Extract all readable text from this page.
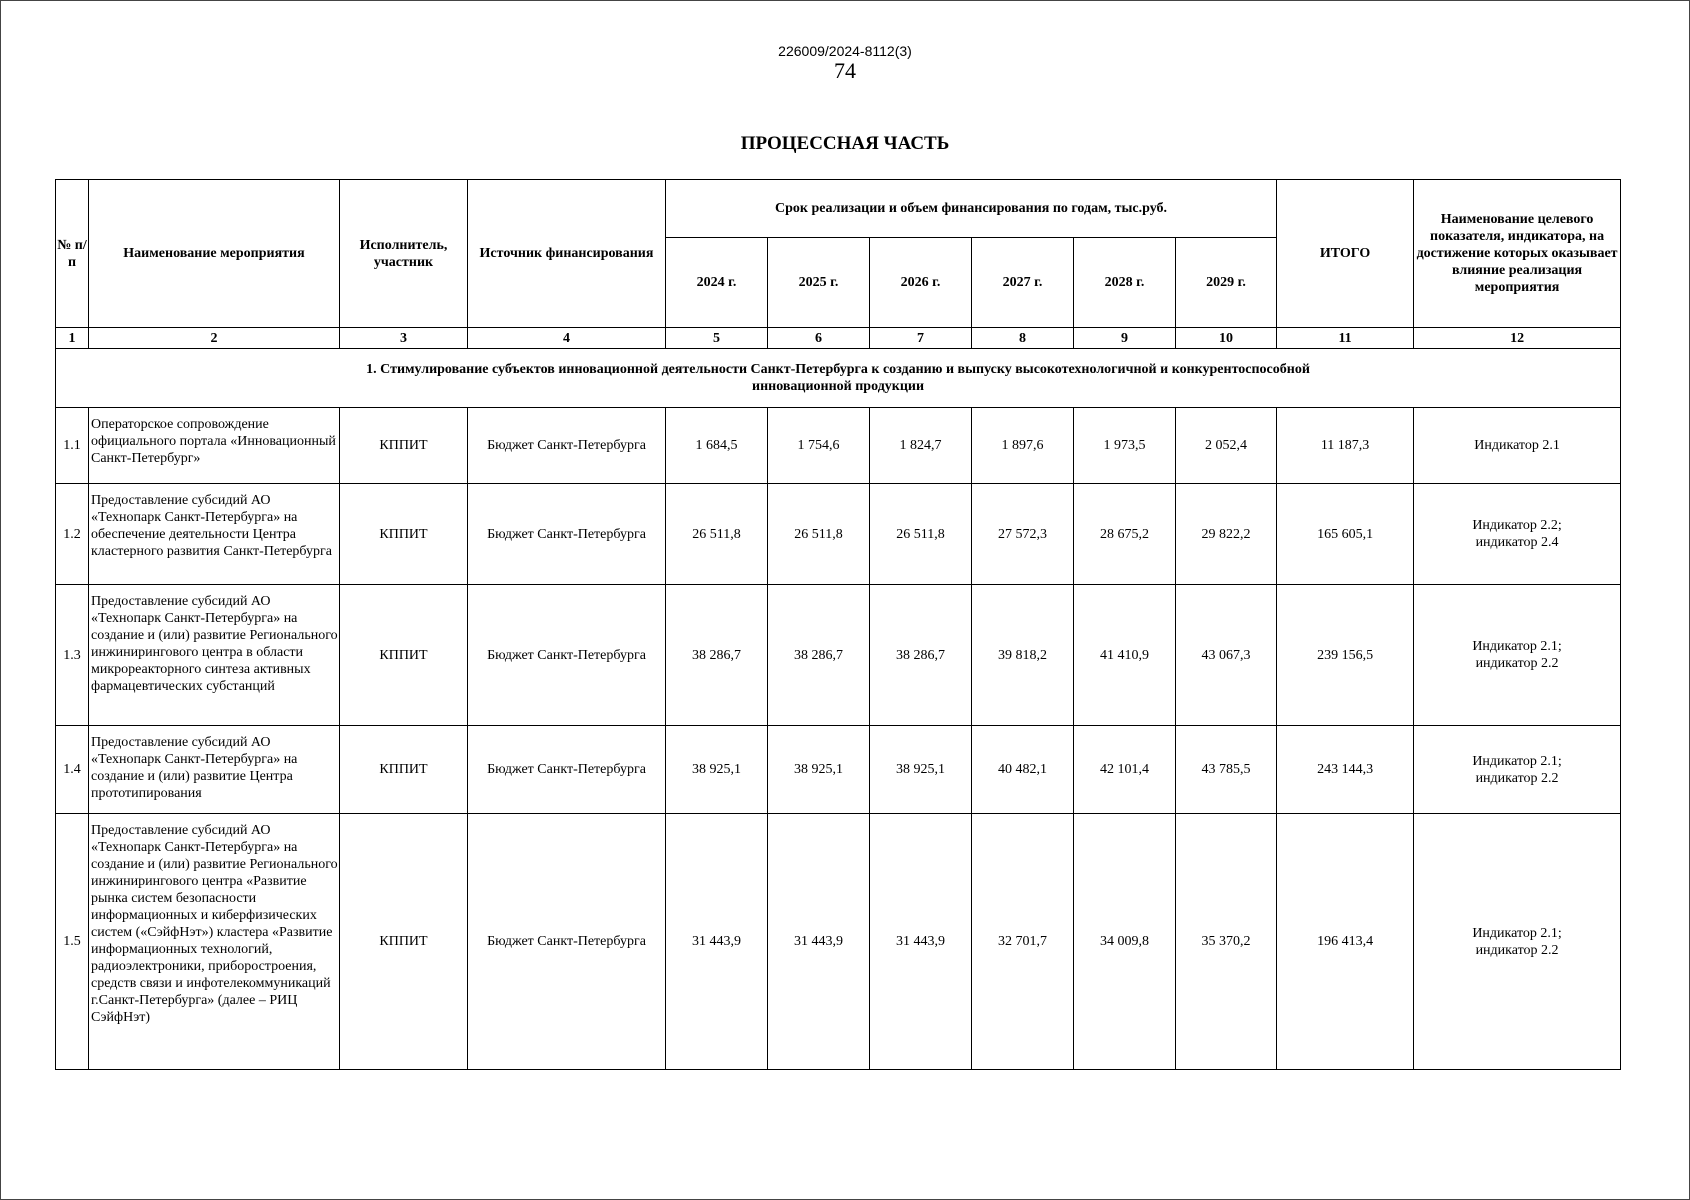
226009/2024-8112(3)
74
ПРОЦЕССНАЯ ЧАСТЬ
№ п/п	Наименование мероприятия	Исполнитель, участник	Источник финансирования	Срок реализации и объем финансирования по годам, тыс.руб.						ИТОГО	Наименование целевого показателя, индикатора, на достижение которых оказывает влияние реализация мероприятия
				2024 г.	2025 г.	2026 г.	2027 г.	2028 г.	2029 г.		
1	2	3	4	5	6	7	8	9	10	11	12
1. Стимулирование субъектов инновационной деятельности Санкт-Петербурга к созданию и выпуску высокотехнологичной и конкурентоспособной инновационной продукции											
1.1	Операторское сопровождение официального портала «Инновационный Санкт-Петербург»	КППИТ	Бюджет Санкт-Петербурга	1 684,5	1 754,6	1 824,7	1 897,6	1 973,5	2 052,4	11 187,3	Индикатор 2.1
1.2	Предоставление субсидий АО «Технопарк Санкт-Петербурга» на обеспечение деятельности Центра кластерного развития Санкт-Петербурга	КППИТ	Бюджет Санкт-Петербурга	26 511,8	26 511,8	26 511,8	27 572,3	28 675,2	29 822,2	165 605,1	Индикатор 2.2; индикатор 2.4
1.3	Предоставление субсидий АО «Технопарк Санкт-Петербурга» на создание и (или) развитие Регионального инжинирингового центра в области микрореакторного синтеза активных фармацевтических субстанций	КППИТ	Бюджет Санкт-Петербурга	38 286,7	38 286,7	38 286,7	39 818,2	41 410,9	43 067,3	239 156,5	Индикатор 2.1; индикатор 2.2
1.4	Предоставление субсидий АО «Технопарк Санкт-Петербурга» на создание и (или) развитие Центра прототипирования	КППИТ	Бюджет Санкт-Петербурга	38 925,1	38 925,1	38 925,1	40 482,1	42 101,4	43 785,5	243 144,3	Индикатор 2.1; индикатор 2.2
1.5	Предоставление субсидий АО «Технопарк Санкт-Петербурга» на создание и (или) развитие Регионального инжинирингового центра «Развитие рынка систем безопасности информационных и киберфизических систем («СэйфНэт») кластера «Развитие информационных технологий, радиоэлектроники, приборостроения, средств связи и инфотелекоммуникаций г.Санкт-Петербурга» (далее – РИЦ СэйфНэт)	КППИТ	Бюджет Санкт-Петербурга	31 443,9	31 443,9	31 443,9	32 701,7	34 009,8	35 370,2	196 413,4	Индикатор 2.1; индикатор 2.2
